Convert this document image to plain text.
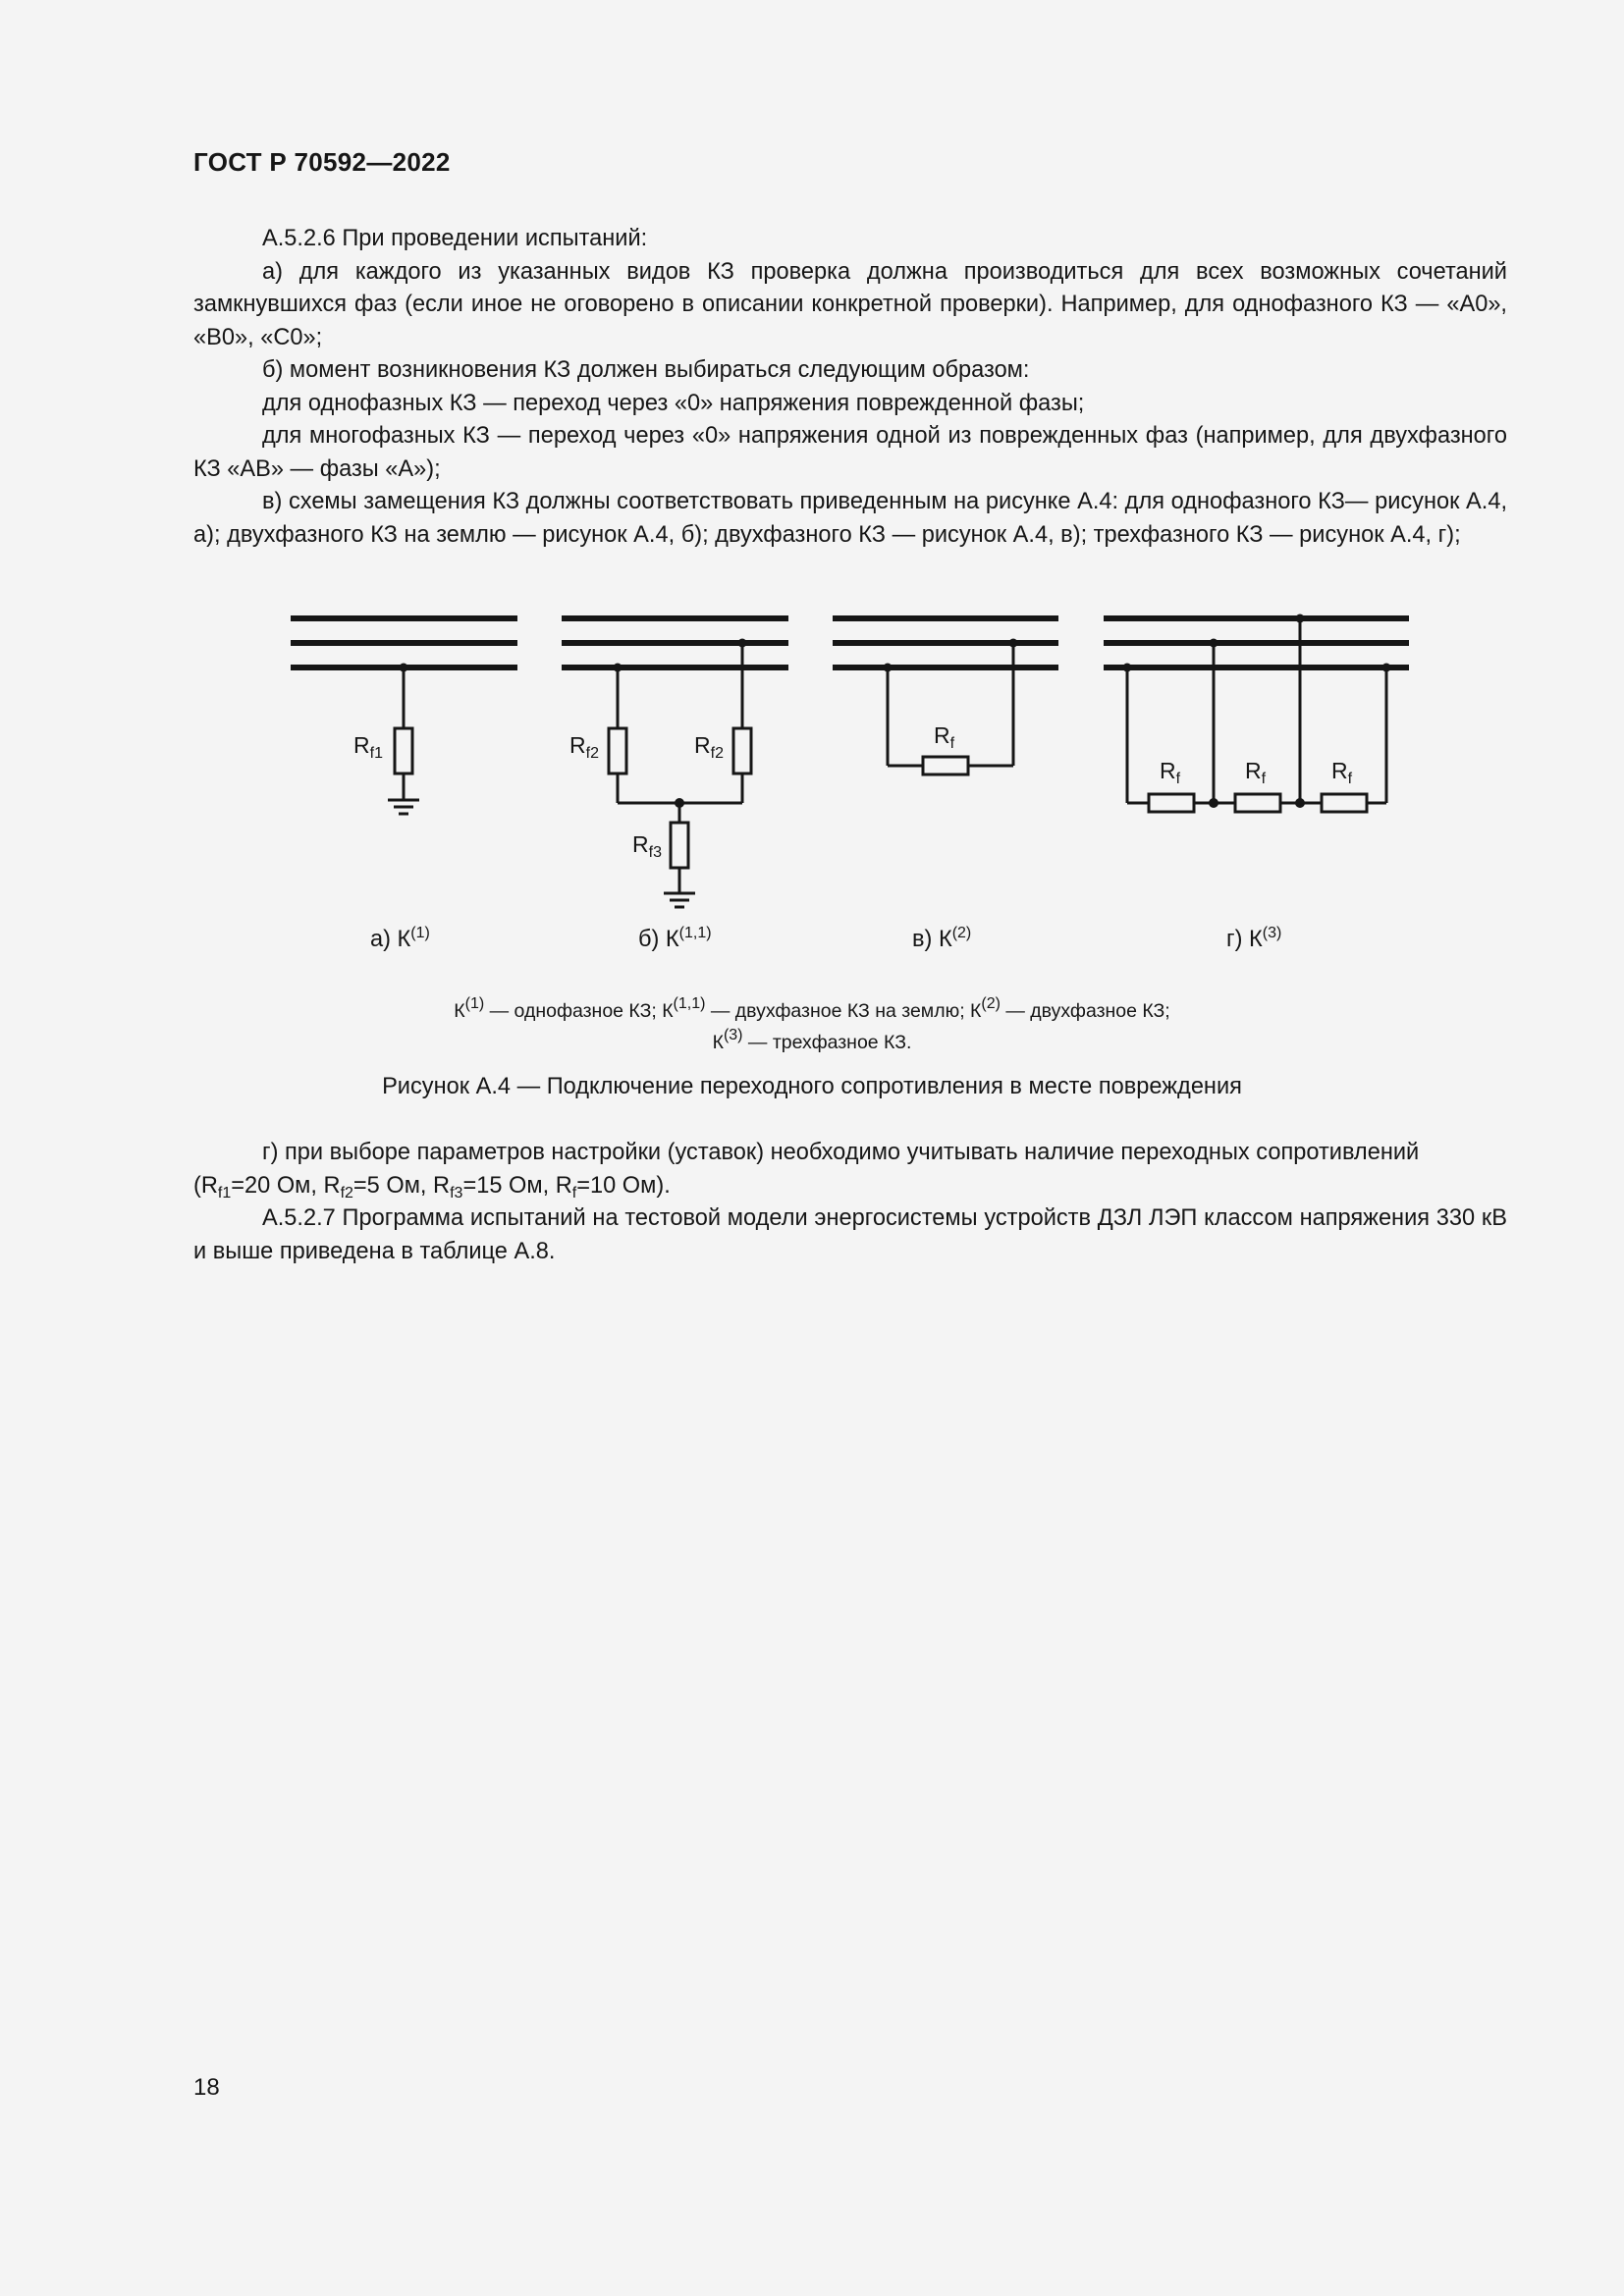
ГОСТ Р 70592—2022

А.5.2.6 При проведении испытаний:

а) для каждого из указанных видов КЗ проверка должна производиться для всех возможных сочетаний замкнувшихся фаз (если иное не оговорено в описании конкретной проверки). Например, для однофазного КЗ — «А0», «В0», «С0»;

б) момент возникновения КЗ должен выбираться следующим образом:

для однофазных КЗ — переход через «0» напряжения поврежденной фазы;

для многофазных КЗ — переход через «0» напряжения одной из поврежденных фаз (например, для двухфазного КЗ «АВ» — фазы «А»);

в) схемы замещения КЗ должны соответствовать приведенным на рисунке А.4: для однофазного КЗ— рисунок А.4, а); двухфазного КЗ на землю — рисунок А.4, б); двухфазного КЗ — рисунок А.4, в); трехфазного КЗ — рисунок А.4, г);

$R_{f1}$	$R_{f2}$	$R_{f2}$
$R_{f3}$
$R_f$
$R_f$	$R_f$	$R_f$
а) $К^{(1)}$	б) К$^{(1,1)}$	в) $К^{(2)}$	г) $К^{(3)}$
$К^{(1)}$ — однофазное КЗ; К$^{(1,1)}$ — двухфазное КЗ на землю; $К^{(2)}$ — двухфазное КЗ;
$К^{(3)}$ — трехфазное КЗ.
Рисунок А.4 — Подключение переходного сопротивления в месте повреждения

г) при выборе параметров настройки (уставок) необходимо учитывать наличие переходных сопротивлений

($R_{f1}=20$ Ом, $R_{f2}=5$ Ом, $R_{f3}=15$ Ом, $R_f=10$ Ом).

А.5.2.7 Программа испытаний на тестовой модели энергосистемы устройств ДЗЛ ЛЭП классом напряжения 330 кВ и выше приведена в таблице А.8.

18
